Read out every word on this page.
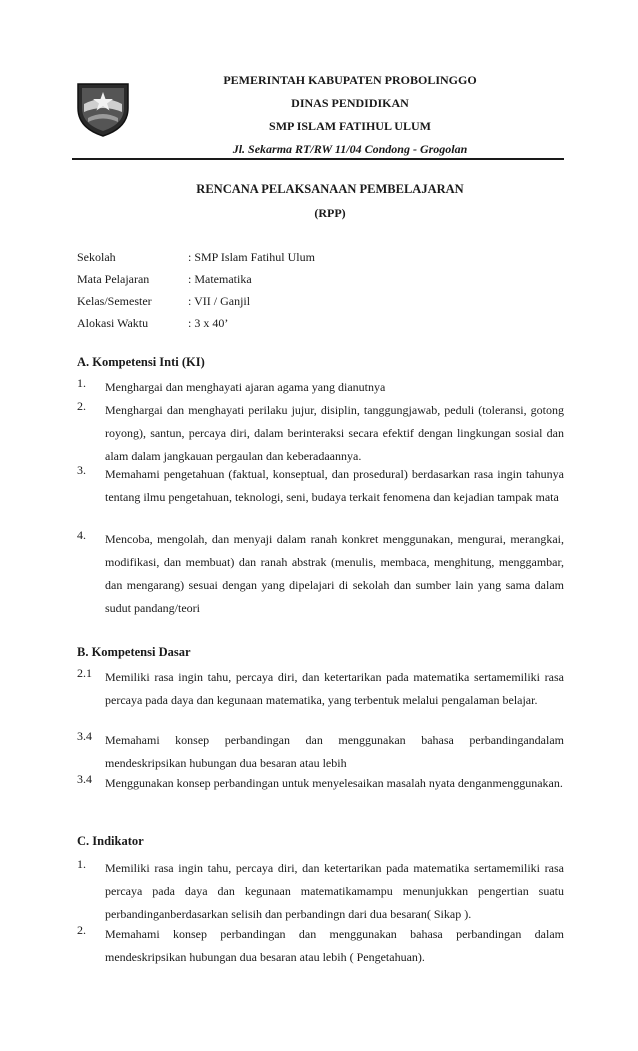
PEMERINTAH KABUPATEN PROBOLINGGO
DINAS PENDIDIKAN
SMP ISLAM FATIHUL ULUM
Jl. Sekarma RT/RW 11/04 Condong - Grogolan
RENCANA PELAKSANAAN PEMBELAJARAN
(RPP)
Sekolah	: SMP Islam Fatihul Ulum
Mata Pelajaran	: Matematika
Kelas/Semester	: VII / Ganjil
Alokasi Waktu	: 3 x 40’
A. Kompetensi Inti (KI)
1. Menghargai dan menghayati ajaran agama yang dianutnya
2. Menghargai dan menghayati perilaku jujur, disiplin, tanggungjawab, peduli (toleransi, gotong royong), santun, percaya diri, dalam berinteraksi secara efektif dengan lingkungan sosial dan alam dalam jangkauan pergaulan dan keberadaannya.
3. Memahami pengetahuan (faktual, konseptual, dan prosedural) berdasarkan rasa ingin tahunya tentang ilmu pengetahuan, teknologi, seni, budaya terkait fenomena dan kejadian tampak mata
4. Mencoba, mengolah, dan menyaji dalam ranah konkret menggunakan, mengurai, merangkai, modifikasi, dan membuat) dan ranah abstrak (menulis, membaca, menghitung, menggambar, dan mengarang) sesuai dengan yang dipelajari di sekolah dan sumber lain yang sama dalam sudut pandang/teori
B. Kompetensi Dasar
2.1 Memiliki rasa ingin tahu, percaya diri, dan ketertarikan pada matematika sertamemiliki rasa percaya pada daya dan kegunaan matematika, yang terbentuk melalui pengalaman belajar.
3.4 Memahami konsep perbandingan dan menggunakan bahasa perbandingandalam mendeskripsikan hubungan dua besaran atau lebih
3.4 Menggunakan konsep perbandingan untuk menyelesaikan masalah nyata denganmenggunakan.
C. Indikator
1. Memiliki rasa ingin tahu, percaya diri, dan ketertarikan pada matematika sertamemiliki rasa percaya pada daya dan kegunaan matematikamampu menunjukkan pengertian suatu perbandinganberdasarkan selisih dan perbandingn dari dua besaran( Sikap ).
2. Memahami konsep perbandingan dan menggunakan bahasa perbandingan dalam mendeskripsikan hubungan dua besaran atau lebih ( Pengetahuan).
